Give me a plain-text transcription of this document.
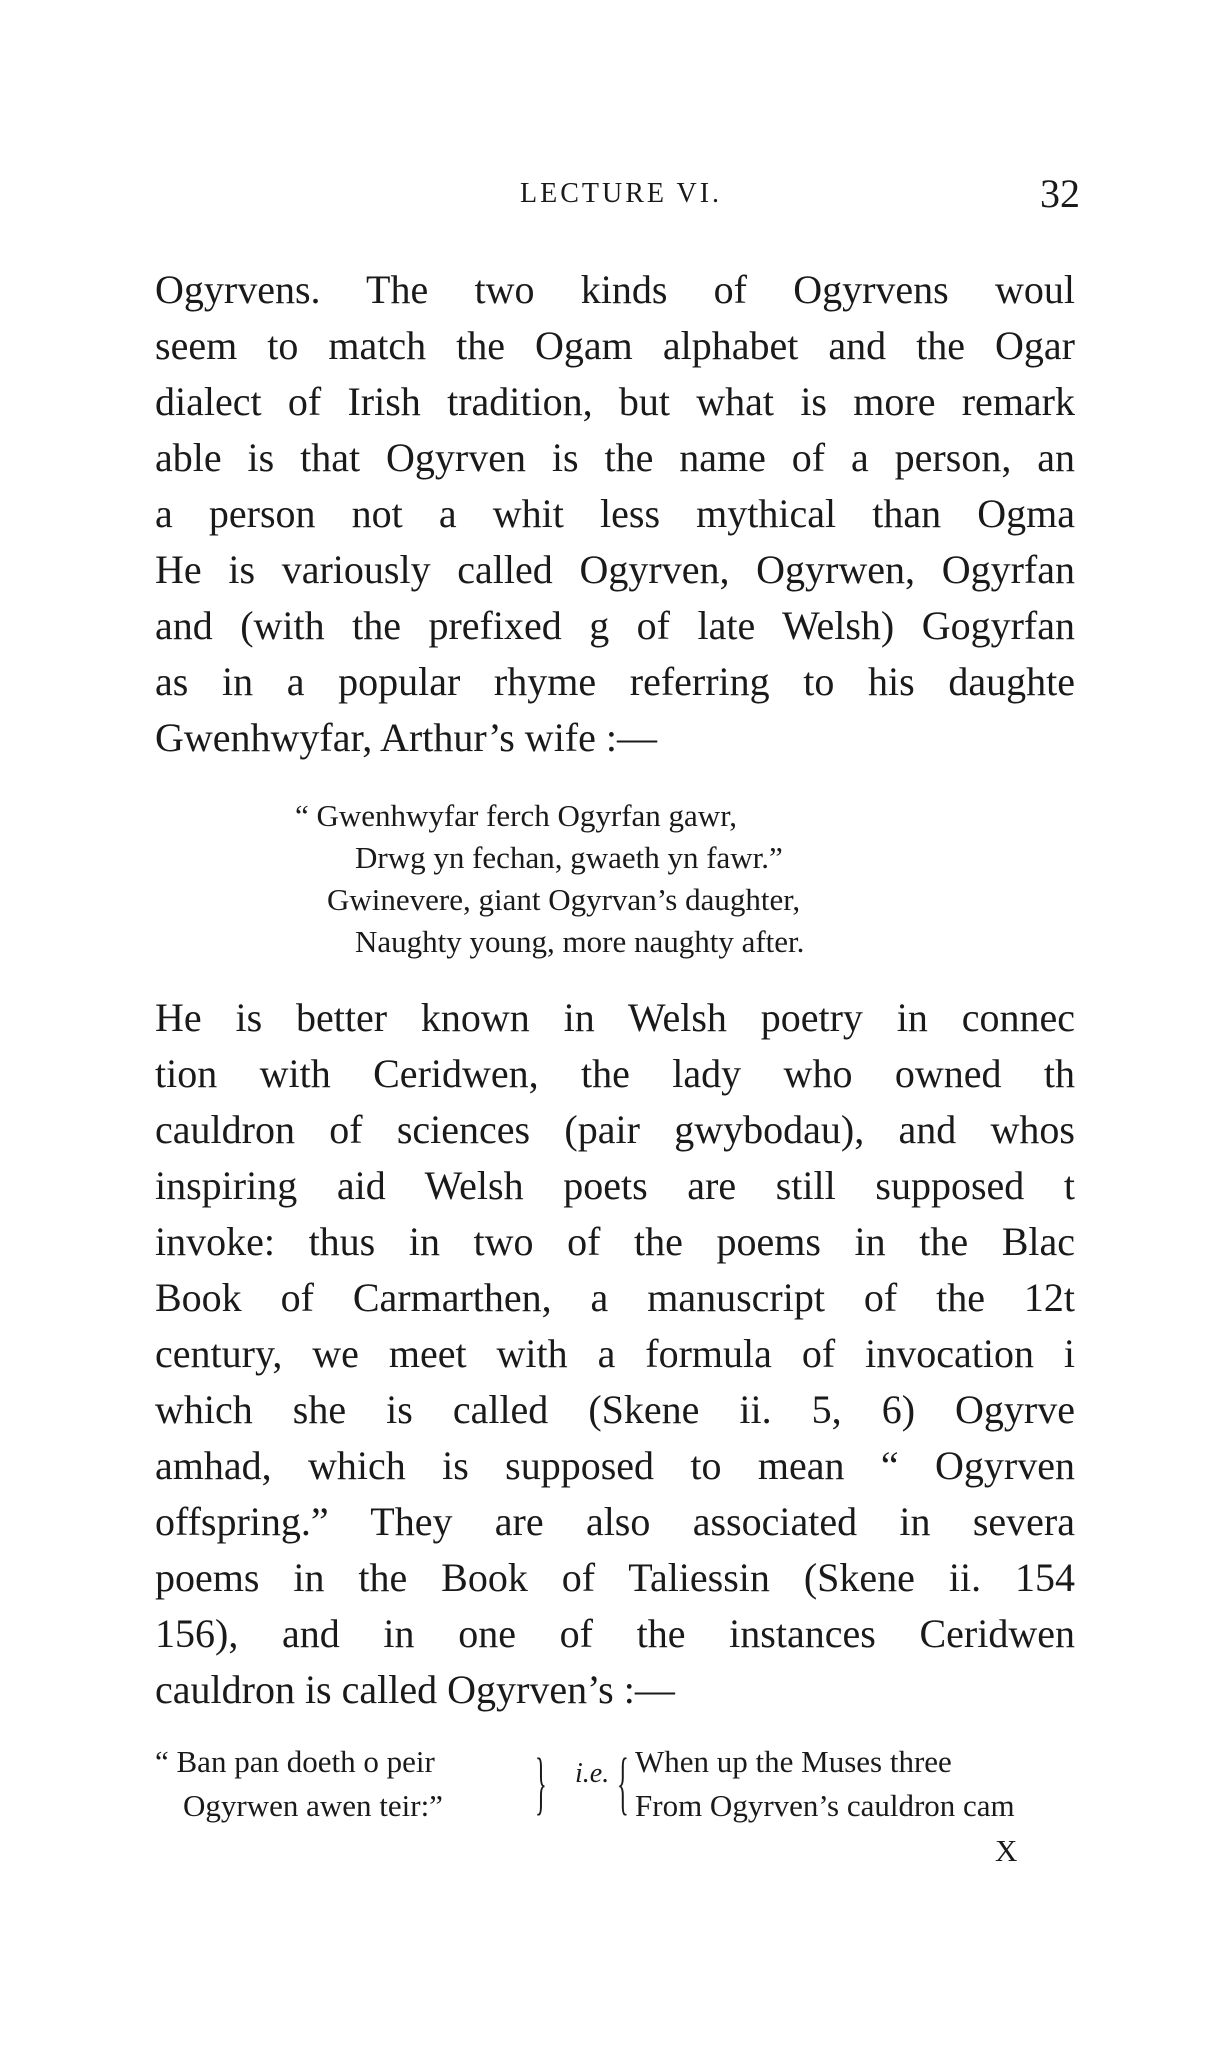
LECTURE VI.	32
Ogyrvens. The two kinds of Ogyrvens woul
seem to match the Ogam alphabet and the Ogar
dialect of Irish tradition, but what is more remark
able is that Ogyrven is the name of a person, an
a person not a whit less mythical than Ogma
He is variously called Ogyrven, Ogyrwen, Ogyrfan
and (with the prefixed g of late Welsh) Gogyrfan
as in a popular rhyme referring to his daughte
Gwenhwyfar, Arthur’s wife :—
“ Gwenhwyfar ferch Ogyrfan gawr,
Drwg yn fechan, gwaeth yn fawr.”
Gwinevere, giant Ogyrvan’s daughter,
Naughty young, more naughty after.
He is better known in Welsh poetry in connec
tion with Ceridwen, the lady who owned th
cauldron of sciences (pair gwybodau), and whos
inspiring aid Welsh poets are still supposed t
invoke: thus in two of the poems in the Blac
Book of Carmarthen, a manuscript of the 12t
century, we meet with a formula of invocation i
which she is called (Skene ii. 5, 6) Ogyrve
amhad, which is supposed to mean “ Ogyrven
offspring.” They are also associated in severa
poems in the Book of Taliessin (Skene ii. 154
156), and in one of the instances Ceridwen
cauldron is called Ogyrven’s :—
“ Ban pan doeth o peir
Ogyrwen awen teir:”	} i.e. { When up the Muses three
From Ogyrven’s cauldron cam
X
